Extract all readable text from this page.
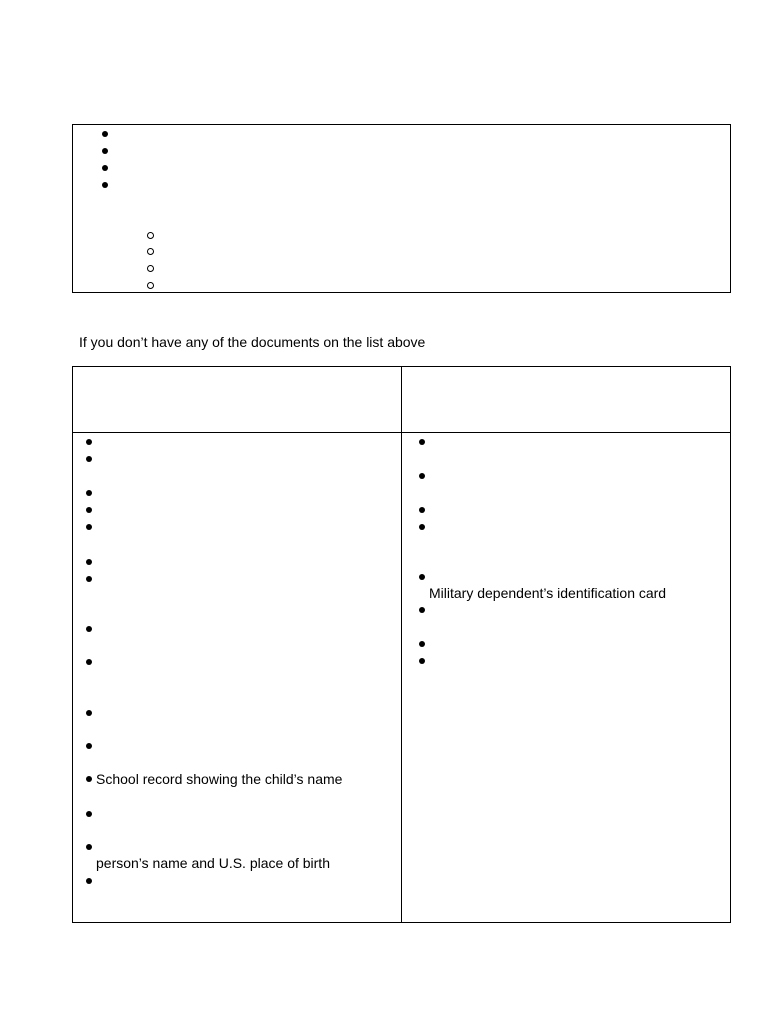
If you don’t have any of the documents on the list above
School record showing the child’s name
person’s name and U.S. place of birth
Military dependent’s identification card
